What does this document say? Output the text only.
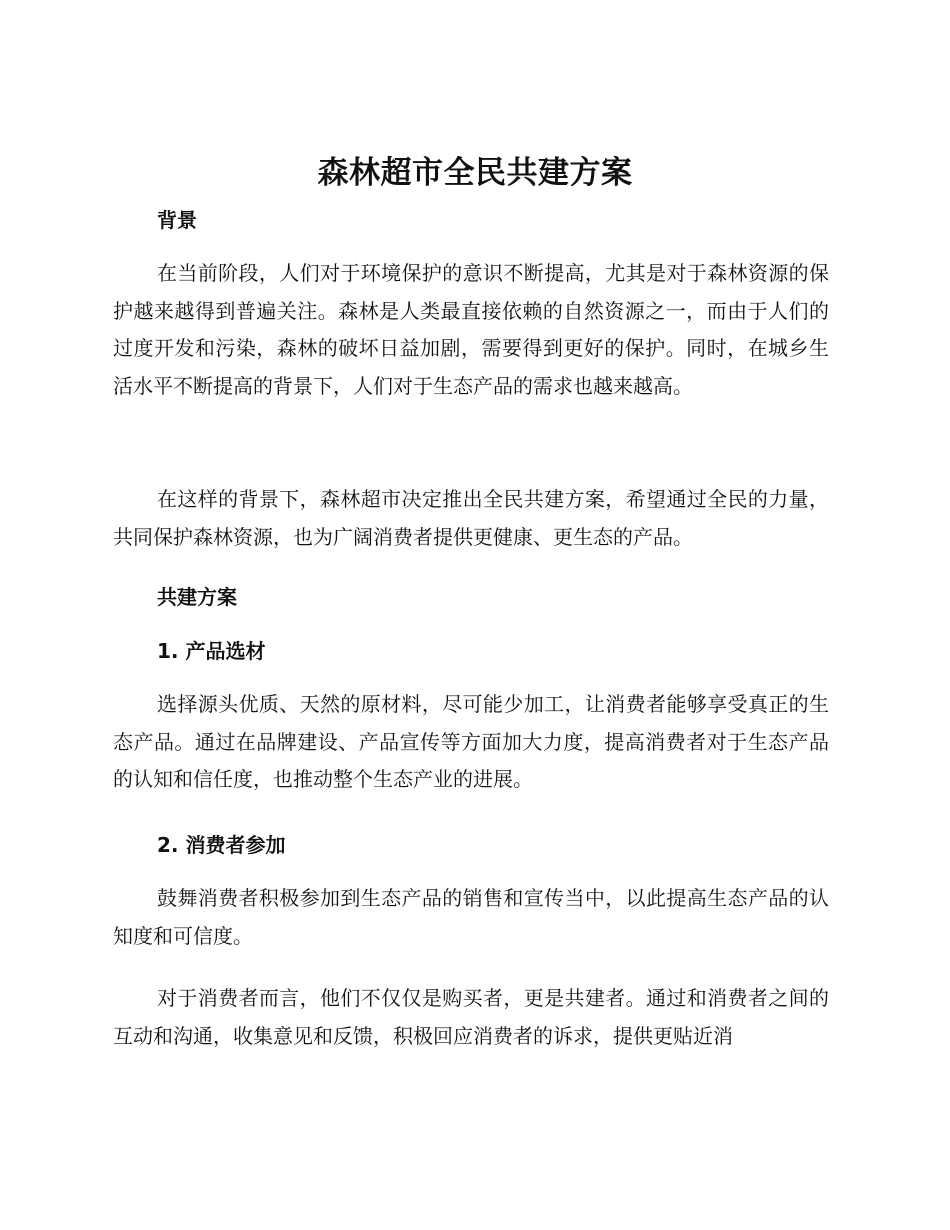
森林超市全民共建方案
背景

在当前阶段，人们对于环境保护的意识不断提高，尤其是对于森林资源的保护越来越得到普遍关注。森林是人类最直接依赖的自然资源之一，而由于人们的过度开发和污染，森林的破坏日益加剧，需要得到更好的保护。同时，在城乡生活水平不断提高的背景下，人们对于生态产品的需求也越来越高。

在这样的背景下，森林超市决定推出全民共建方案，希望通过全民的力量，共同保护森林资源，也为广阔消费者提供更健康、更生态的产品。

共建方案
1. 产品选材

选择源头优质、天然的原材料，尽可能少加工，让消费者能够享受真正的生态产品。通过在品牌建设、产品宣传等方面加大力度，提高消费者对于生态产品的认知和信任度，也推动整个生态产业的进展。

2. 消费者参加

鼓舞消费者积极参加到生态产品的销售和宣传当中，以此提高生态产品的认知度和可信度。

对于消费者而言，他们不仅仅是购买者，更是共建者。通过和消费者之间的互动和沟通，收集意见和反馈，积极回应消费者的诉求，提供更贴近消
